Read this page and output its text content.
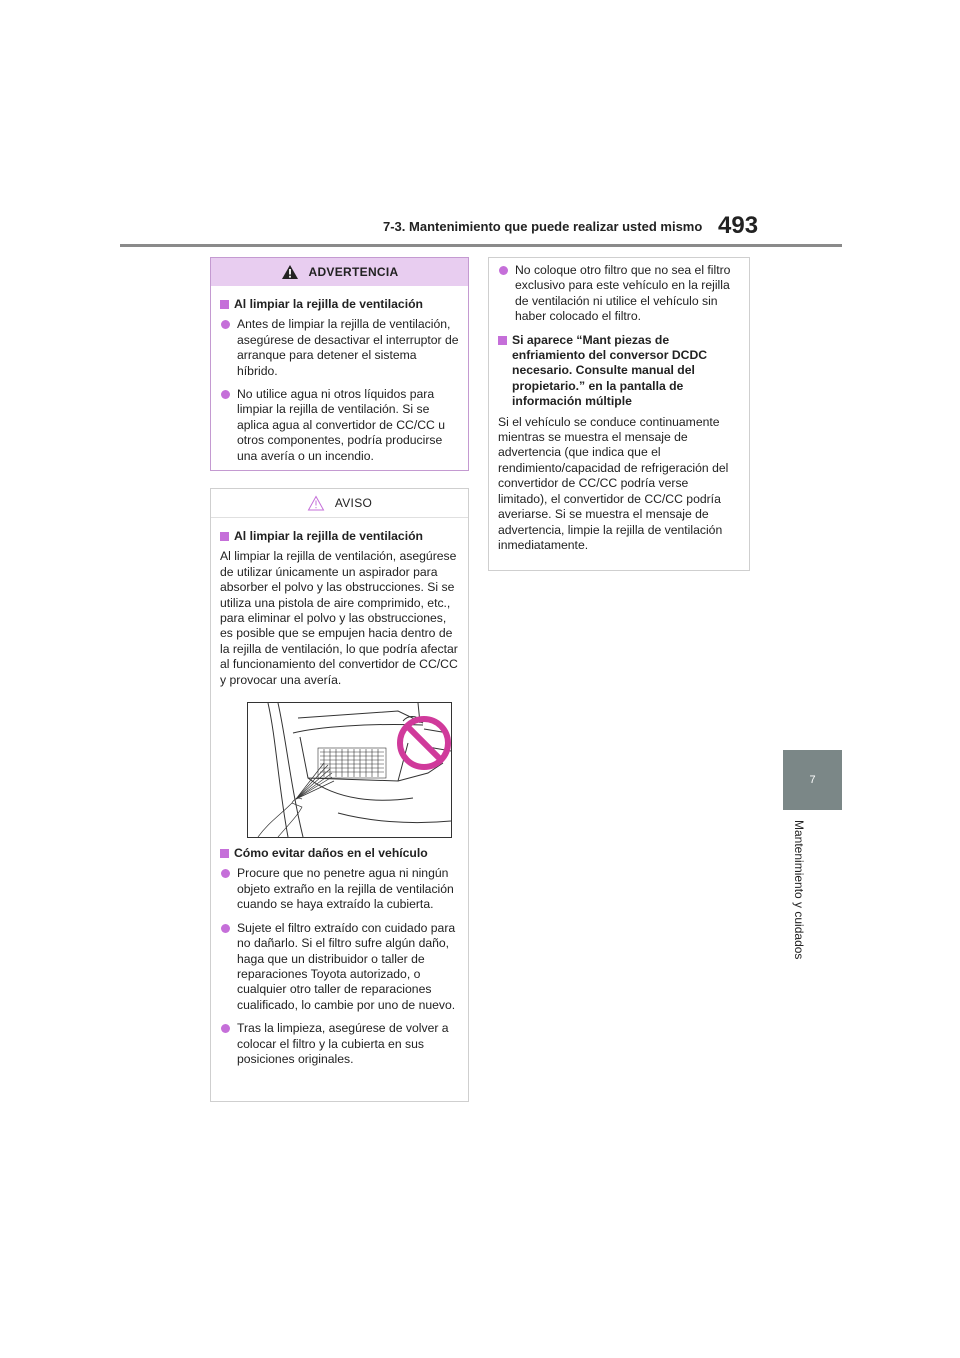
7-3. Mantenimiento que puede realizar usted mismo 493
7
Mantenimiento y cuidados
ADVERTENCIA
Al limpiar la rejilla de ventilación
Antes de limpiar la rejilla de ventilación, asegúrese de desactivar el interruptor de arranque para detener el sistema híbrido.
No utilice agua ni otros líquidos para limpiar la rejilla de ventilación. Si se aplica agua al convertidor de CC/CC u otros componentes, podría producirse una avería o un incendio.
AVISO
Al limpiar la rejilla de ventilación
Al limpiar la rejilla de ventilación, asegúrese de utilizar únicamente un aspirador para absorber el polvo y las obstrucciones. Si se utiliza una pistola de aire comprimido, etc., para eliminar el polvo y las obstrucciones, es posible que se empujen hacia dentro de la rejilla de ventilación, lo que podría afectar al funcionamiento del convertidor de CC/CC y provocar una avería.
Cómo evitar daños en el vehículo
Procure que no penetre agua ni ningún objeto extraño en la rejilla de ventilación cuando se haya extraído la cubierta.
Sujete el filtro extraído con cuidado para no dañarlo. Si el filtro sufre algún daño, haga que un distribuidor o taller de reparaciones Toyota autorizado, o cualquier otro taller de reparaciones cualificado, lo cambie por uno de nuevo.
Tras la limpieza, asegúrese de volver a colocar el filtro y la cubierta en sus posiciones originales.
No coloque otro filtro que no sea el filtro exclusivo para este vehículo en la rejilla de ventilación ni utilice el vehículo sin haber colocado el filtro.
Si aparece “Mant piezas de enfriamiento del conversor DCDC necesario. Consulte manual del propietario.” en la pantalla de información múltiple
Si el vehículo se conduce continuamente mientras se muestra el mensaje de advertencia (que indica que el rendimiento/capacidad de refrigeración del convertidor de CC/CC podría verse limitado), el convertidor de CC/CC podría averiarse. Si se muestra el mensaje de advertencia, limpie la rejilla de ventilación inmediatamente.
